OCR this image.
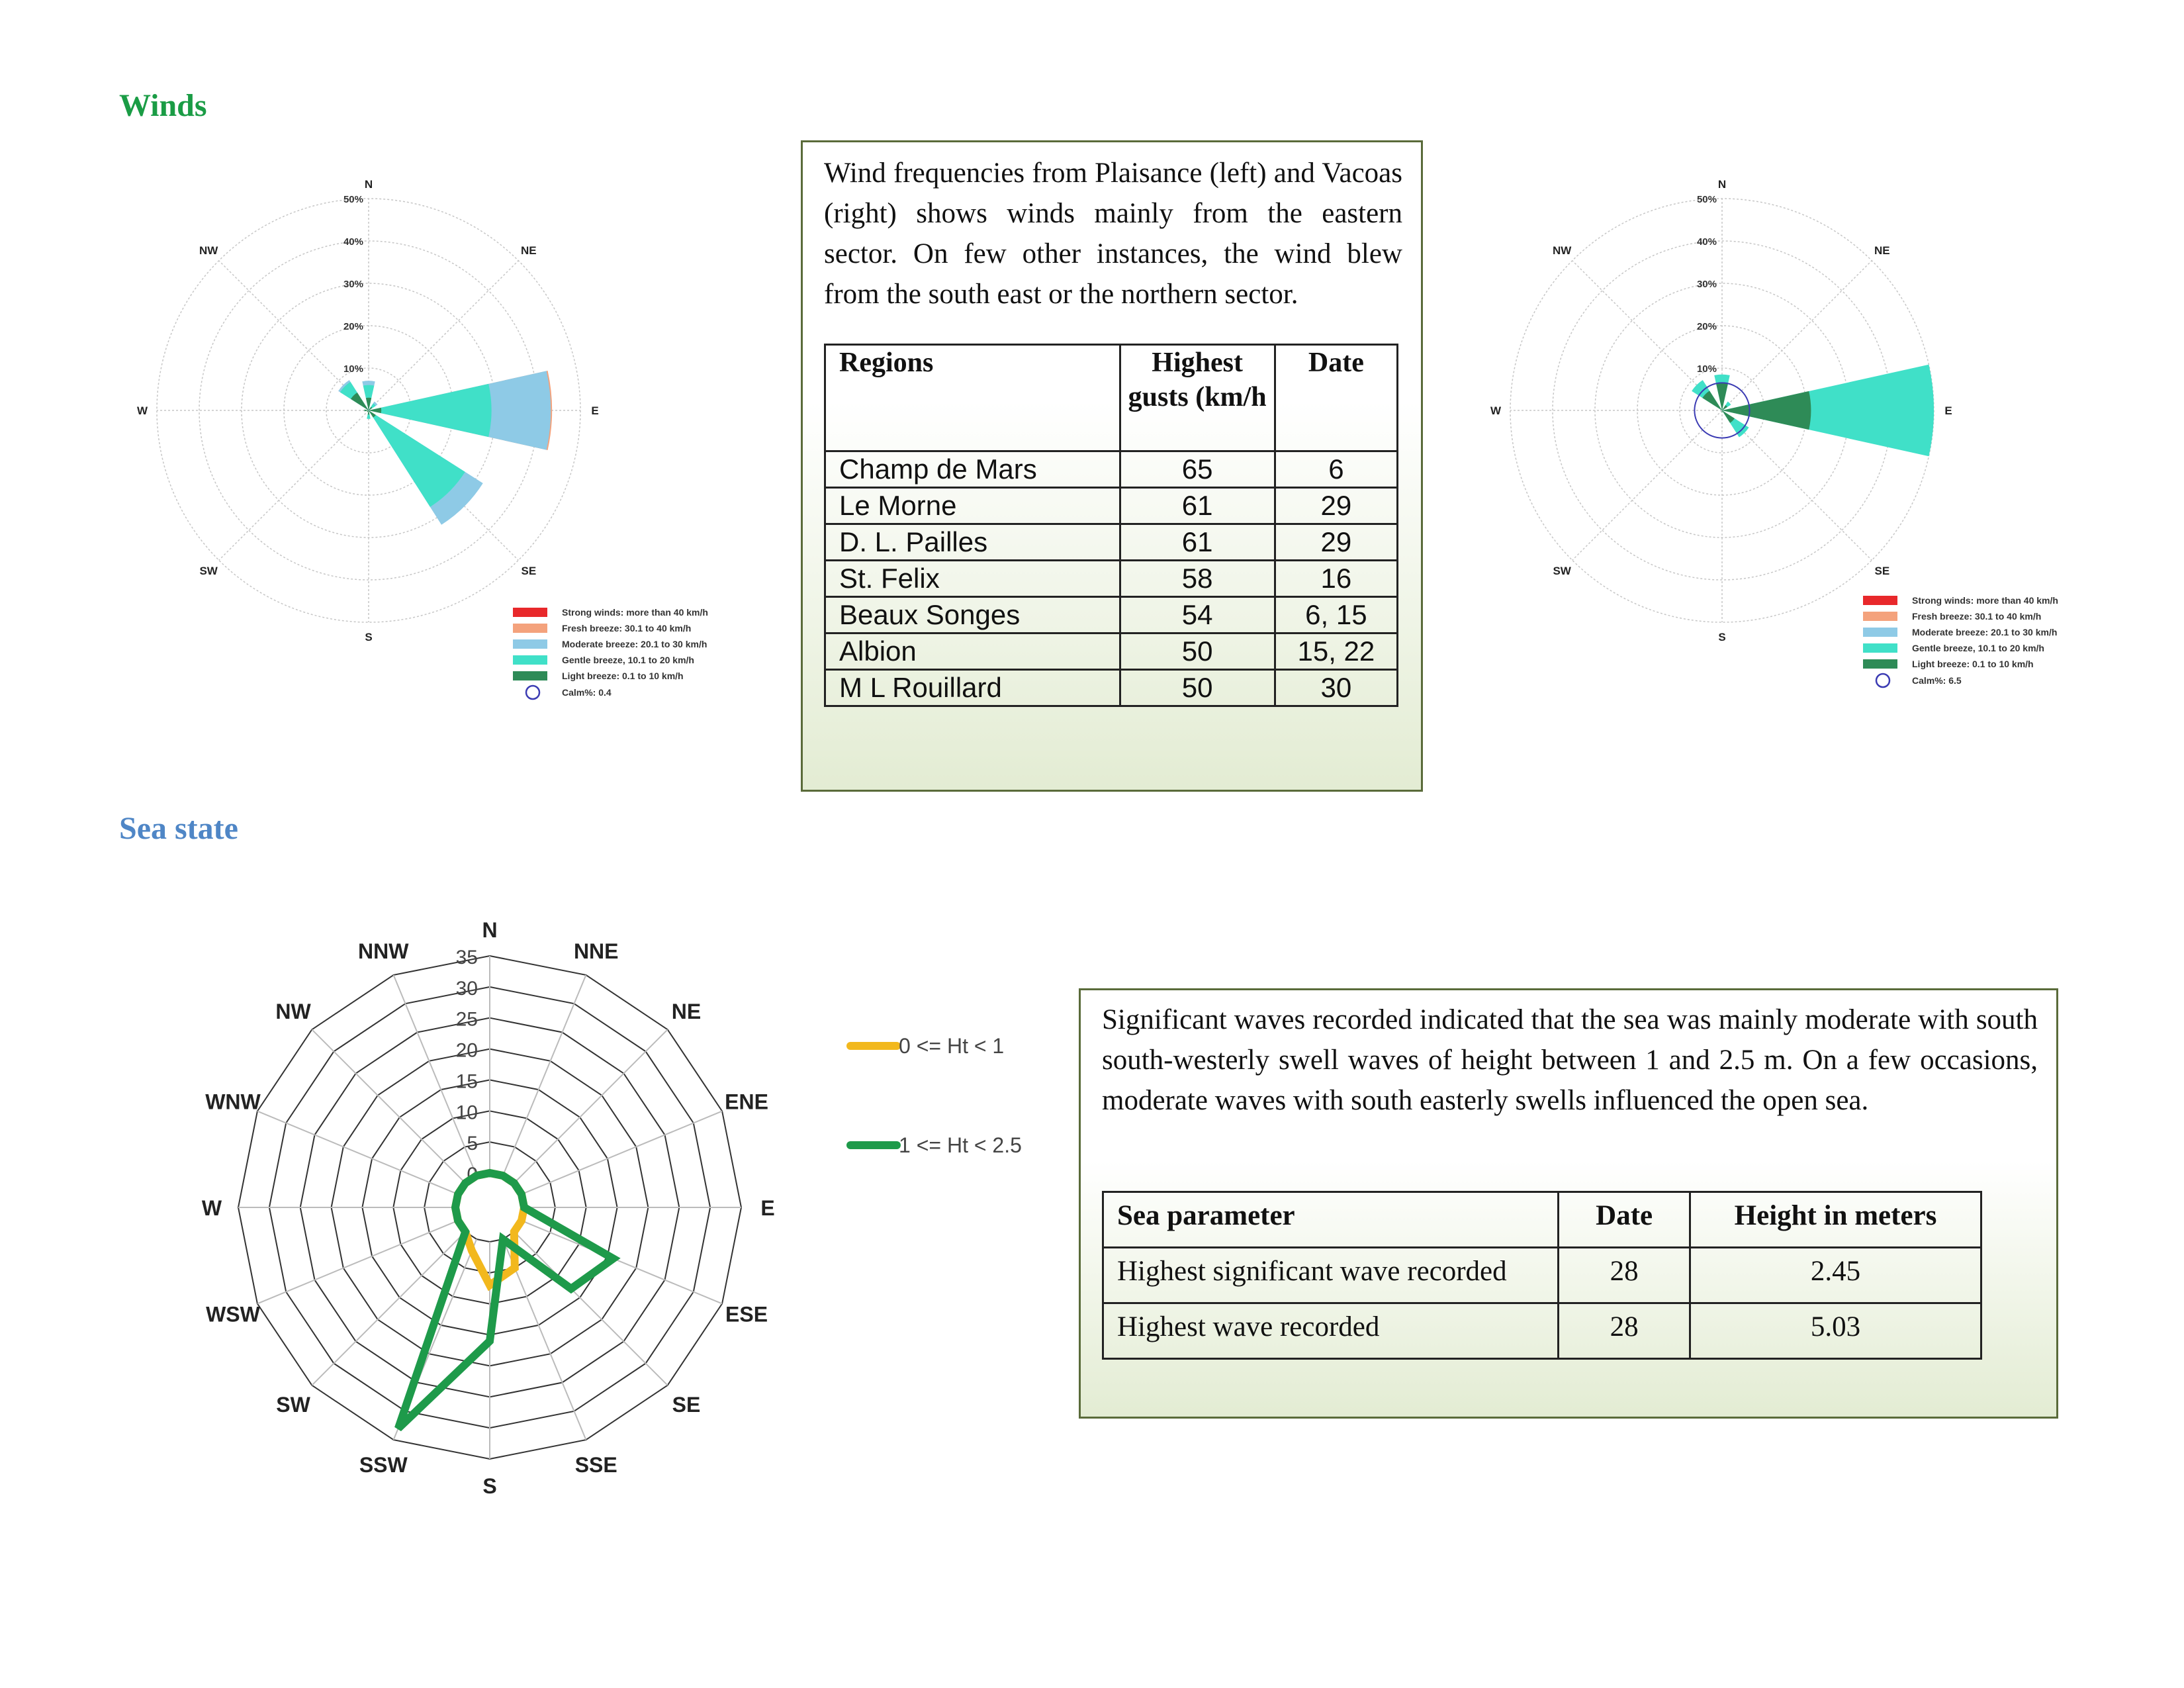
Winds
10%
20%
30%
40%
50%
N
NE
E
SE
S
SW
W
NW
Strong winds: more than 40 km/h
Fresh breeze: 30.1 to 40 km/h
Moderate breeze: 20.1 to 30 km/h
Gentle breeze, 10.1 to 20 km/h
Light breeze: 0.1 to 10 km/h
Calm%: 0.4
10%
20%
30%
40%
50%
N
NE
E
SE
S
SW
W
NW
Strong winds: more than 40 km/h
Fresh breeze: 30.1 to 40 km/h
Moderate breeze: 20.1 to 30 km/h
Gentle breeze, 10.1 to 20 km/h
Light breeze: 0.1 to 10 km/h
Calm%: 6.5

Wind frequencies from Plaisance (left) and Vacoas (right) shows winds mainly from the eastern sector. On few other instances, the wind blew from the south east or the northern sector.

Regions	Highest gusts (km/h	Date
Champ de Mars	65	6
Le Morne	61	29
D. L. Pailles	61	29
St. Felix	58	16
Beaux Songes	54	6, 15
Albion	50	15, 22
M L Rouillard	50	30
Sea state
0
5
10
15
20
25
30
35
N
NNE
NE
ENE
E
ESE
SE
SSE
S
SSW
SW
WSW
W
WNW
NW
NNW
0 <= Ht < 1
1 <= Ht < 2.5

Significant waves recorded indicated that the sea was mainly moderate with south south-westerly swell waves of height between 1 and 2.5 m. On a few occasions, moderate waves with south easterly swells influenced the open sea.

Sea parameter	Date	Height in meters
Highest significant wave recorded	28	2.45
Highest wave recorded	28	5.03
